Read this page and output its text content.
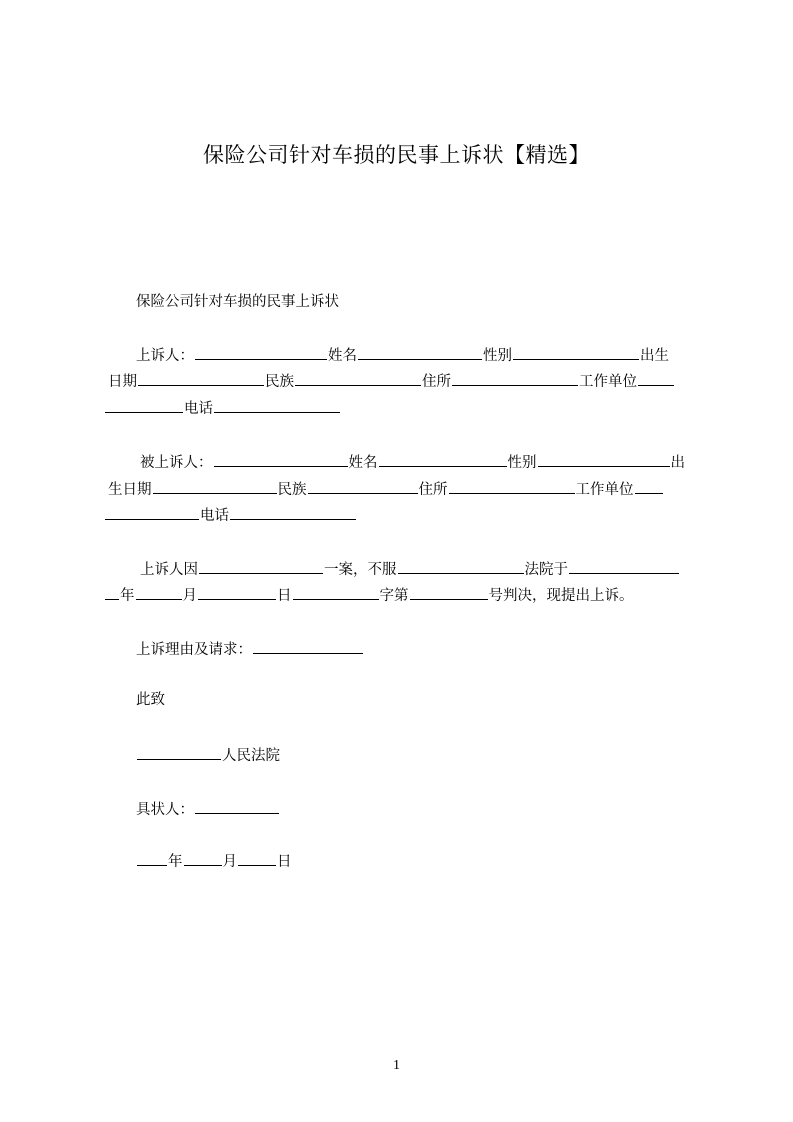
保险公司针对车损的民事上诉状【精选】
保险公司针对车损的民事上诉状
上诉人：	姓名	性别	出生
日期	民族	住所	工作单位
电话
被上诉人：	姓名	性别	出
生日期	民族	住所	工作单位
电话
上诉人因	一案，不服	法院于
年	月	日	字第	号判决，现提出上诉。
上诉理由及请求：
此致
人民法院
具状人：
年	月	日
1
